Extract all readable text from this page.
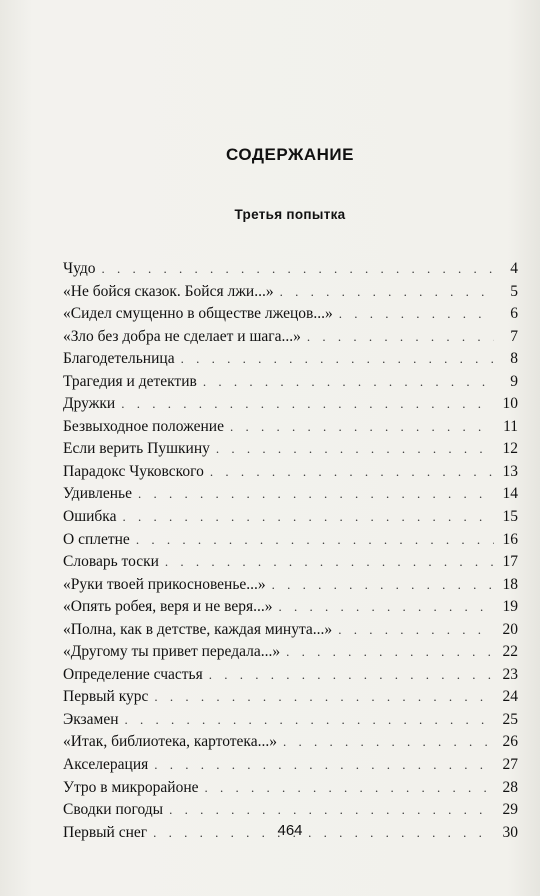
СОДЕРЖАНИЕ
Третья попытка
Чудо . . .	4
«Не бойся сказок. Бойся лжи...» . . .	5
«Сидел смущенно в обществе лжецов...» . . .	6
«Зло без добра не сделает и шага...» . . .	7
Благодетельница . . .	8
Трагедия и детектив . . .	9
Дружки . . .	10
Безвыходное положение . . .	11
Если верить Пушкину . . .	12
Парадокс Чуковского . . .	13
Удивленье . . .	14
Ошибка . . .	15
О сплетне . . .	16
Словарь тоски . . .	17
«Руки твоей прикосновенье...» . . .	18
«Опять робея, веря и не веря...» . . .	19
«Полна, как в детстве, каждая минута...» . . .	20
«Другому ты привет передала...» . . .	22
Определение счастья . . .	23
Первый курс . . .	24
Экзамен . . .	25
«Итак, библиотека, картотека...» . . .	26
Акселерация . . .	27
Утро в микрорайоне . . .	28
Сводки погоды . . .	29
Первый снег . . .	30
464
